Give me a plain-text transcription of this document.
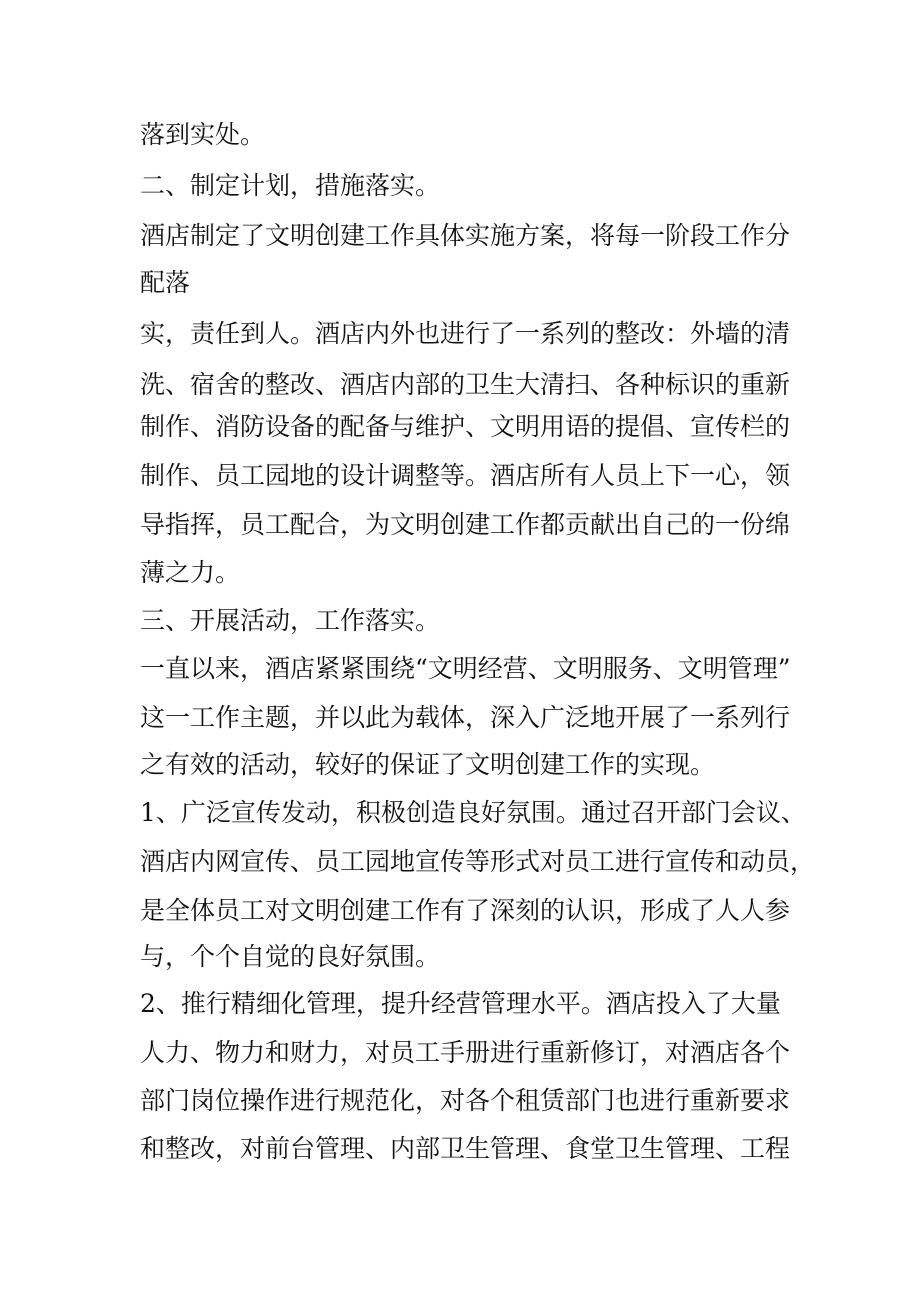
落到实处。
二、制定计划，措施落实。
酒店制定了文明创建工作具体实施方案，将每一阶段工作分
配落
实，责任到人。酒店内外也进行了一系列的整改：外墙的清
洗、宿舍的整改、酒店内部的卫生大清扫、各种标识的重新
制作、消防设备的配备与维护、文明用语的提倡、宣传栏的
制作、员工园地的设计调整等。酒店所有人员上下一心，领
导指挥，员工配合，为文明创建工作都贡献出自己的一份绵
薄之力。
三、开展活动，工作落实。
一直以来，酒店紧紧围绕“文明经营、文明服务、文明管理”
这一工作主题，并以此为载体，深入广泛地开展了一系列行
之有效的活动，较好的保证了文明创建工作的实现。
1、广泛宣传发动，积极创造良好氛围。通过召开部门会议、
酒店内网宣传、员工园地宣传等形式对员工进行宣传和动员，
是全体员工对文明创建工作有了深刻的认识，形成了人人参
与，个个自觉的良好氛围。
2、推行精细化管理，提升经营管理水平。酒店投入了大量
人力、物力和财力，对员工手册进行重新修订，对酒店各个
部门岗位操作进行规范化，对各个租赁部门也进行重新要求
和整改，对前台管理、内部卫生管理、食堂卫生管理、工程
